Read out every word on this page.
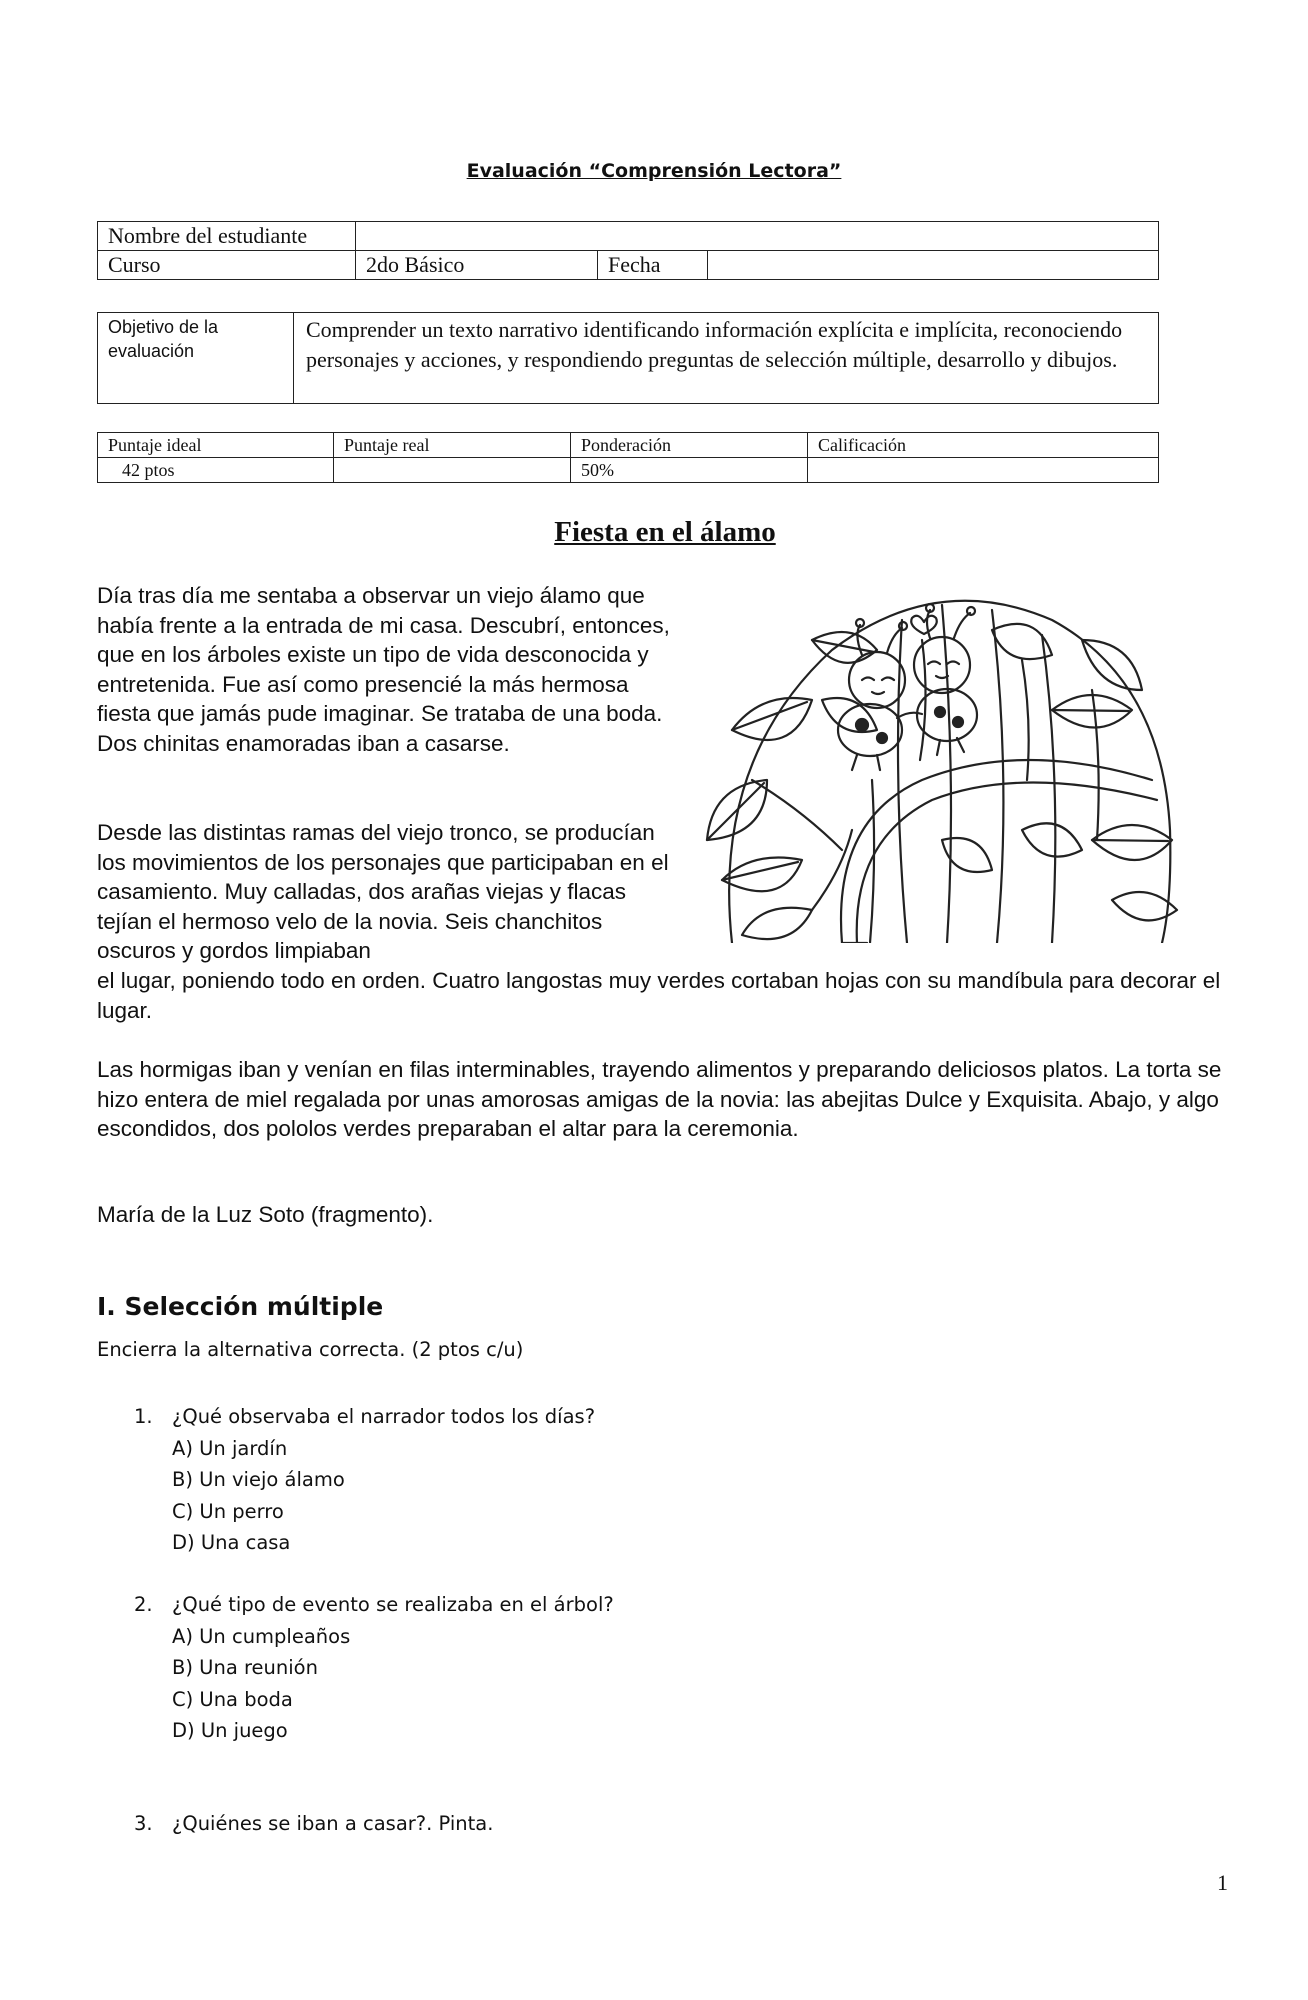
Evaluación “Comprensión Lectora”
Nombre del estudiante			
Curso	2do Básico	Fecha	
Objetivo de la evaluación	Comprender un texto narrativo identificando información explícita e implícita, reconociendo personajes y acciones, y respondiendo preguntas de selección múltiple, desarrollo y dibujos.
Puntaje ideal	Puntaje real	Ponderación	Calificación
42 ptos		50%	
Fiesta en el álamo
Día tras día me sentaba a observar un viejo álamo que había frente a la entrada de mi casa. Descubrí, entonces, que en los árboles existe un tipo de vida desconocida y entretenida. Fue así como presencié la más hermosa fiesta que jamás pude imaginar. Se trataba de una boda. Dos chinitas enamoradas iban a casarse.
Desde las distintas ramas del viejo tronco, se producían los movimientos de los personajes que participaban en el casamiento. Muy calladas, dos arañas viejas y flacas tejían el hermoso velo de la novia. Seis chanchitos oscuros y gordos limpiaban
el lugar, poniendo todo en orden. Cuatro langostas muy verdes cortaban hojas con su mandíbula para decorar el lugar.
Las hormigas iban y venían en filas interminables, trayendo alimentos y preparando deliciosos platos. La torta se hizo entera de miel regalada por unas amorosas amigas de la novia: las abejitas Dulce y Exquisita. Abajo, y algo escondidos, dos pololos verdes preparaban el altar para la ceremonia.
María de la Luz Soto (fragmento).
I. Selección múltiple
Encierra la alternativa correcta. (2 ptos c/u)
1. ¿Qué observaba el narrador todos los días?
A) Un jardín
B) Un viejo álamo
C) Un perro
D) Una casa
2. ¿Qué tipo de evento se realizaba en el árbol?
A) Un cumpleaños
B) Una reunión
C) Una boda
D) Un juego
3. ¿Quiénes se iban a casar?. Pinta.
1
